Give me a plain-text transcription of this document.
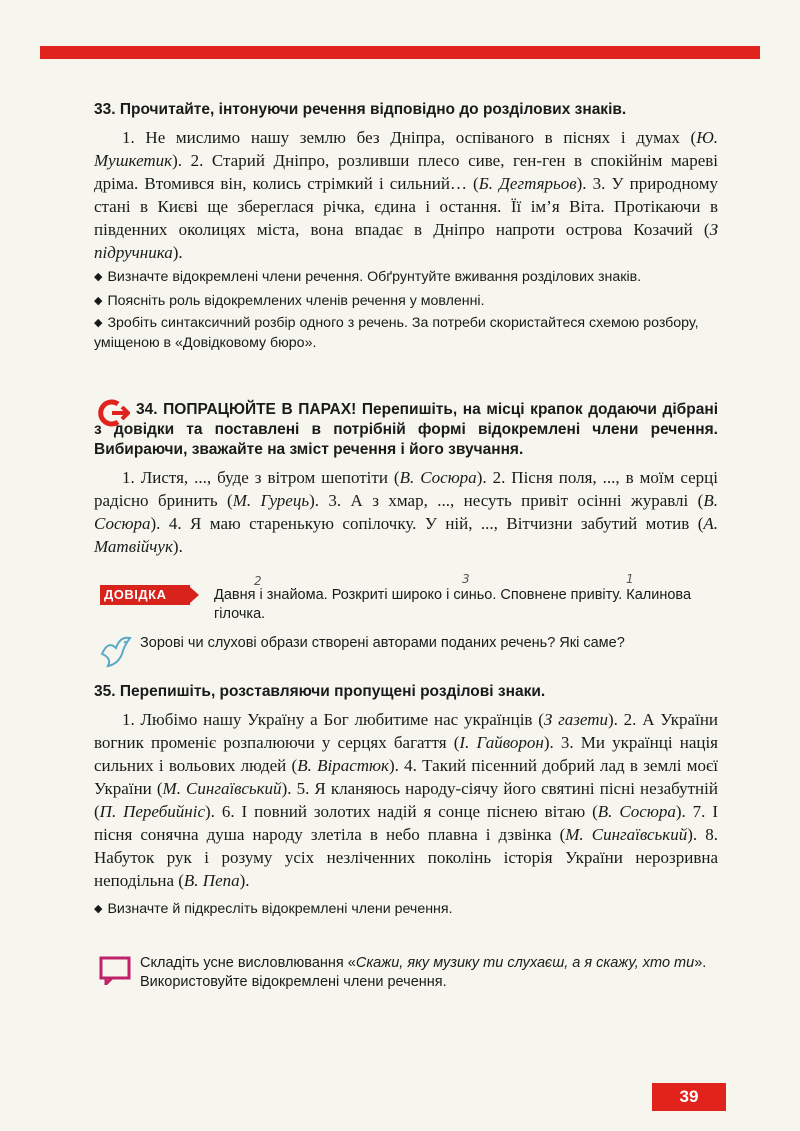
33. Прочитайте, інтонуючи речення відповідно до розділових знаків.

1. Не мислимо нашу землю без Дніпра, оспіваного в піснях і думах (Ю. Мушкетик). 2. Старий Дніпро, розливши плесо сиве, ген-ген в спокійнім мареві дріма. Втомився він, колись стрімкий і сильний… (Б. Дегтярьов). 3. У природному стані в Києві ще збереглася річка, єдина і остання. Її ім’я Віта. Протікаючи в південних околицях міста, вона впадає в Дніпро напроти острова Козачий (З підручника).

◆ Визначте відокремлені члени речення. Обґрунтуйте вживання розділових знаків.

◆ Поясніть роль відокремлених членів речення у мовленні.

◆ Зробіть синтаксичний розбір одного з речень. За потреби скористайтеся схемою розбору, уміщеною в «Довідковому бюро».

34. ПОПРАЦЮЙТЕ В ПАРАХ! Перепишіть, на місці крапок додаючи дібрані з довідки та поставлені в потрібній формі відокремлені члени речення. Вибираючи, зважайте на зміст речення і його звучання.

1. Листя, ..., буде з вітром шепотіти (В. Сосюра). 2. Пісня поля, ..., в моїм серці радісно бринить (М. Гурець). 3. А з хмар, ..., несуть привіт осінні журавлі (В. Сосюра). 4. Я маю старенькую сопілочку. У ній, ..., Вітчизни забутий мотив (А. Матвійчук).

ДОВІДКА	Давня і знайома. Розкриті широко і синьо. Сповнене привіту. Калинова гілочка.
2	3	1
Зорові чи слухові образи створені авторами поданих речень? Які саме?
35. Перепишіть, розставляючи пропущені розділові знаки.

1. Любімо нашу Україну а Бог любитиме нас українців (З газети). 2. А України вогник променіє розпалюючи у серцях багаття (І. Гайворон). 3. Ми українці нація сильних і вольових людей (В. Вірастюк). 4. Такий пісенний добрий лад в землі моєї України (М. Сингаївський). 5. Я кланяюсь народу-сіячу його святині пісні незабутній (П. Перебийніс). 6. І повний золотих надій я сонце піснею вітаю (В. Сосюра). 7. І пісня сонячна душа народу злетіла в небо плавна і дзвінка (М. Сингаївський). 8. Набуток рук і розуму усіх незліченних поколінь історія України нерозривна неподільна (В. Пепа).

◆ Визначте й підкресліть відокремлені члени речення.

Складіть усне висловлювання «Скажи, яку музику ти слухаєш, а я скажу, хто ти». Використовуйте відокремлені члени речення.
39
